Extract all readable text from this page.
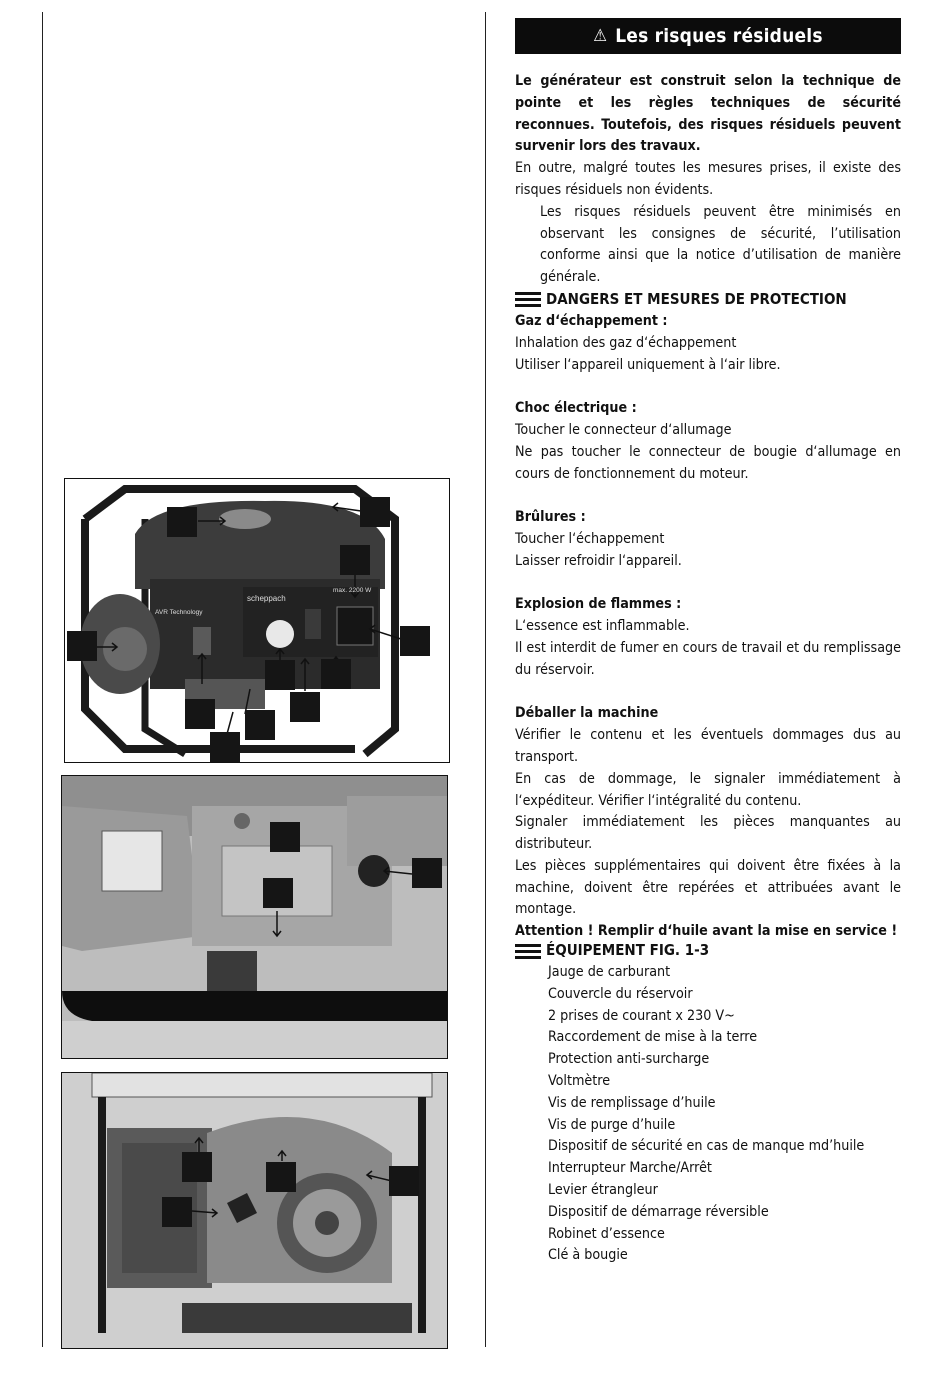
scheppach
AVR Technology
max. 2200 W
⚠ Les risques résiduels

Le générateur est construit selon la technique de pointe et les règles techniques de sécurité reconnues. Toutefois, des risques résiduels peuvent survenir lors des travaux.

En outre, malgré toutes les mesures prises, il existe des risques résiduels non évidents.

Les risques résiduels peuvent être minimisés en observant les consignes de sécurité, l’utilisation conforme ainsi que la notice d’utilisation de manière générale.

DANGERS ET MESURES DE PROTECTION

Gaz d‘échappement :

Inhalation des gaz d‘échappement

Utiliser l‘appareil uniquement à l‘air libre.

Choc électrique :

Toucher le connecteur d‘allumage

Ne pas toucher le connecteur de bougie d‘allumage en cours de fonctionnement du moteur.

Brûlures :

Toucher l‘échappement

Laisser refroidir l‘appareil.

Explosion de flammes :

L‘essence est inflammable.

Il est interdit de fumer en cours de travail et du remplissage du réservoir.

Déballer la machine

Vérifier le contenu et les éventuels dommages dus au transport.

En cas de dommage, le signaler immédiatement à l‘expéditeur. Vérifier l‘intégralité du contenu.

Signaler immédiatement les pièces manquantes au distributeur.

Les pièces supplémentaires qui doivent être fixées à la machine, doivent être repérées et attribuées avant le montage.

Attention ! Remplir d‘huile avant la mise en service !

ÉQUIPEMENT FIG. 1-3

Jauge de carburant

Couvercle du réservoir

2 prises de courant x 230 V~

Raccordement de mise à la terre

Protection anti-surcharge

Voltmètre

Vis de remplissage d’huile

Vis de purge d’huile

Dispositif de sécurité en cas de manque md’huile

Interrupteur Marche/Arrêt

Levier étrangleur

Dispositif de démarrage réversible

Robinet d’essence

Clé à bougie
